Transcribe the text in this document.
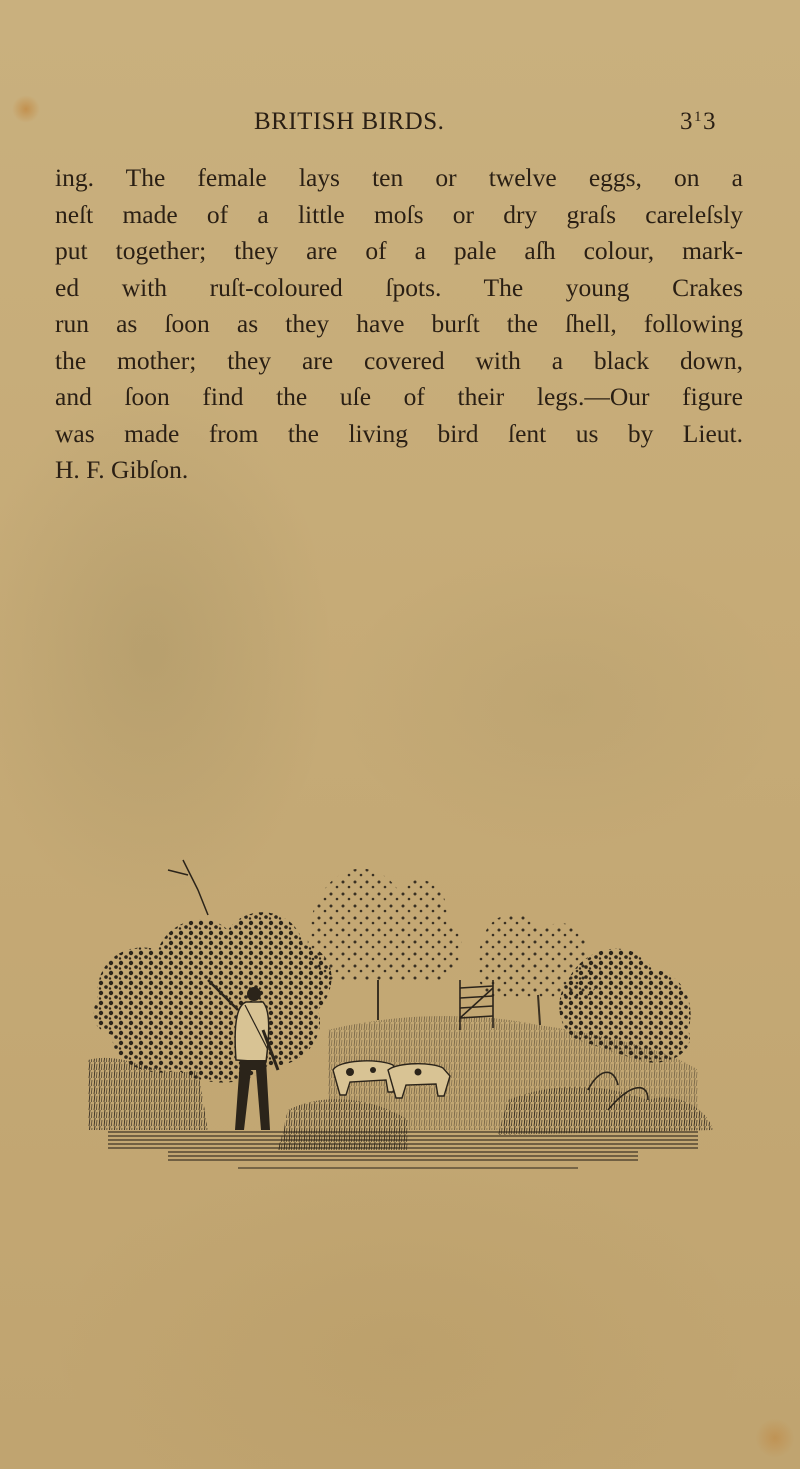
BRITISH BIRDS.	$3^13$
ing. The female lays ten or twelve eggs, on a
neſt made of a little moſs or dry graſs careleſsly
put together; they are of a pale aſh colour, mark-
ed with ruſt-coloured ſpots. The young Crakes
run as ſoon as they have burſt the ſhell, following
the mother; they are covered with a black down,
and ſoon find the uſe of their legs.—Our figure
was made from the living bird ſent us by Lieut.
H. F. Gibſon.
